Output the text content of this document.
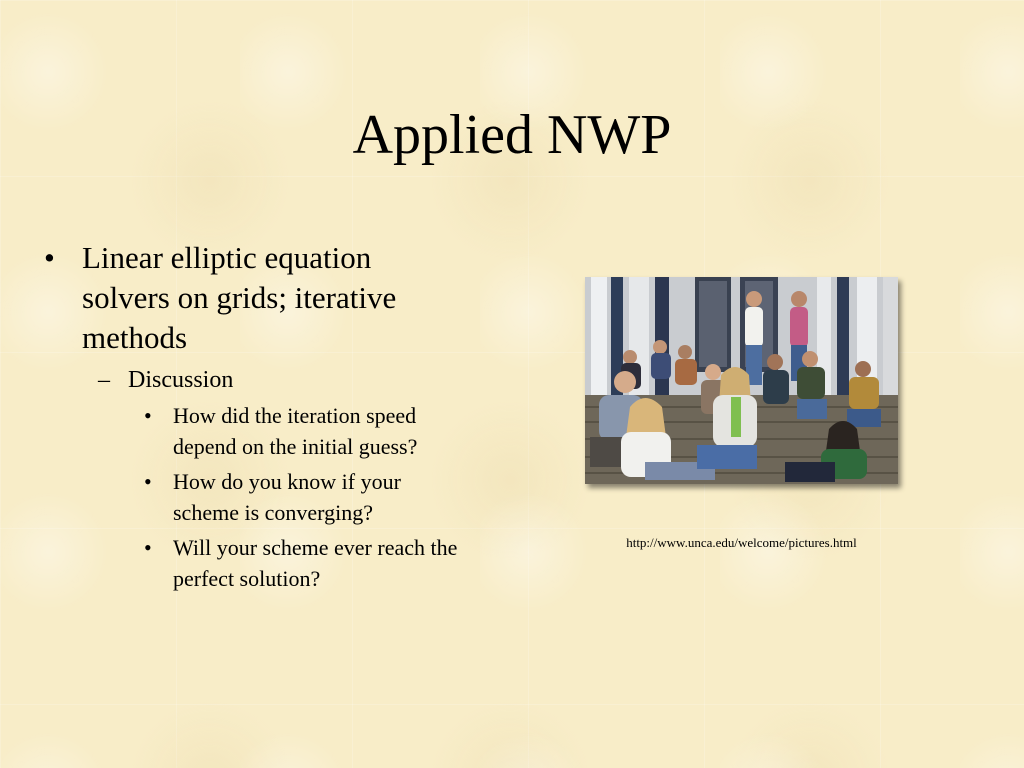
Applied NWP
• Linear elliptic equation solvers on grids; iterative methods
– Discussion
• How did the iteration speed depend on the initial guess?
• How do you know if your scheme is converging?
• Will your scheme ever reach the perfect solution?
http://www.unca.edu/welcome/pictures.html
